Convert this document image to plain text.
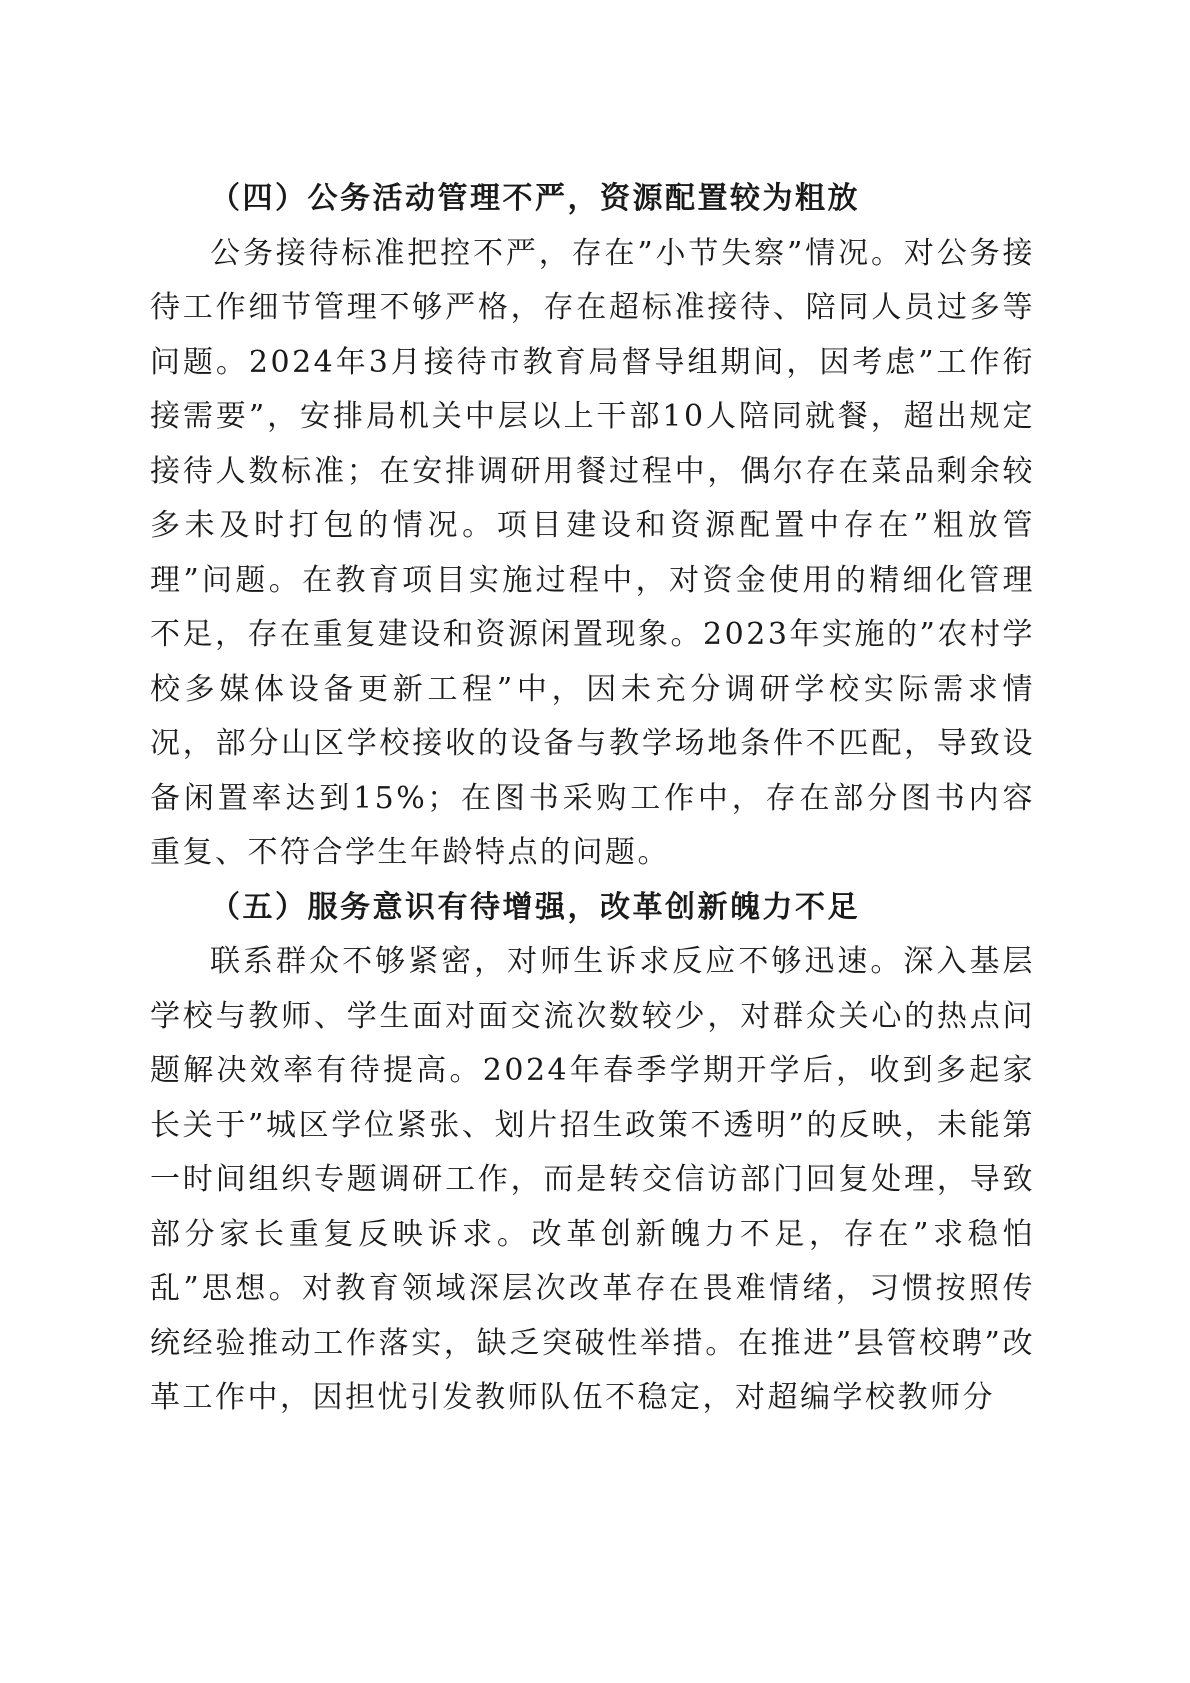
（四）公务活动管理不严，资源配置较为粗放

公务接待标准把控不严，存在”小节失察”情况。对公务接待工作细节管理不够严格，存在超标准接待、陪同人员过多等问题。2024年3月接待市教育局督导组期间，因考虑”工作衔接需要”，安排局机关中层以上干部10人陪同就餐，超出规定接待人数标准；在安排调研用餐过程中，偶尔存在菜品剩余较多未及时打包的情况。项目建设和资源配置中存在”粗放管理”问题。在教育项目实施过程中，对资金使用的精细化管理不足，存在重复建设和资源闲置现象。2023年实施的”农村学校多媒体设备更新工程”中，因未充分调研学校实际需求情况，部分山区学校接收的设备与教学场地条件不匹配，导致设备闲置率达到15%；在图书采购工作中，存在部分图书内容重复、不符合学生年龄特点的问题。

（五）服务意识有待增强，改革创新魄力不足

联系群众不够紧密，对师生诉求反应不够迅速。深入基层学校与教师、学生面对面交流次数较少，对群众关心的热点问题解决效率有待提高。2024年春季学期开学后，收到多起家长关于”城区学位紧张、划片招生政策不透明”的反映，未能第一时间组织专题调研工作，而是转交信访部门回复处理，导致部分家长重复反映诉求。改革创新魄力不足，存在”求稳怕乱”思想。对教育领域深层次改革存在畏难情绪，习惯按照传统经验推动工作落实，缺乏突破性举措。在推进”县管校聘”改革工作中，因担忧引发教师队伍不稳定，对超编学校教师分
